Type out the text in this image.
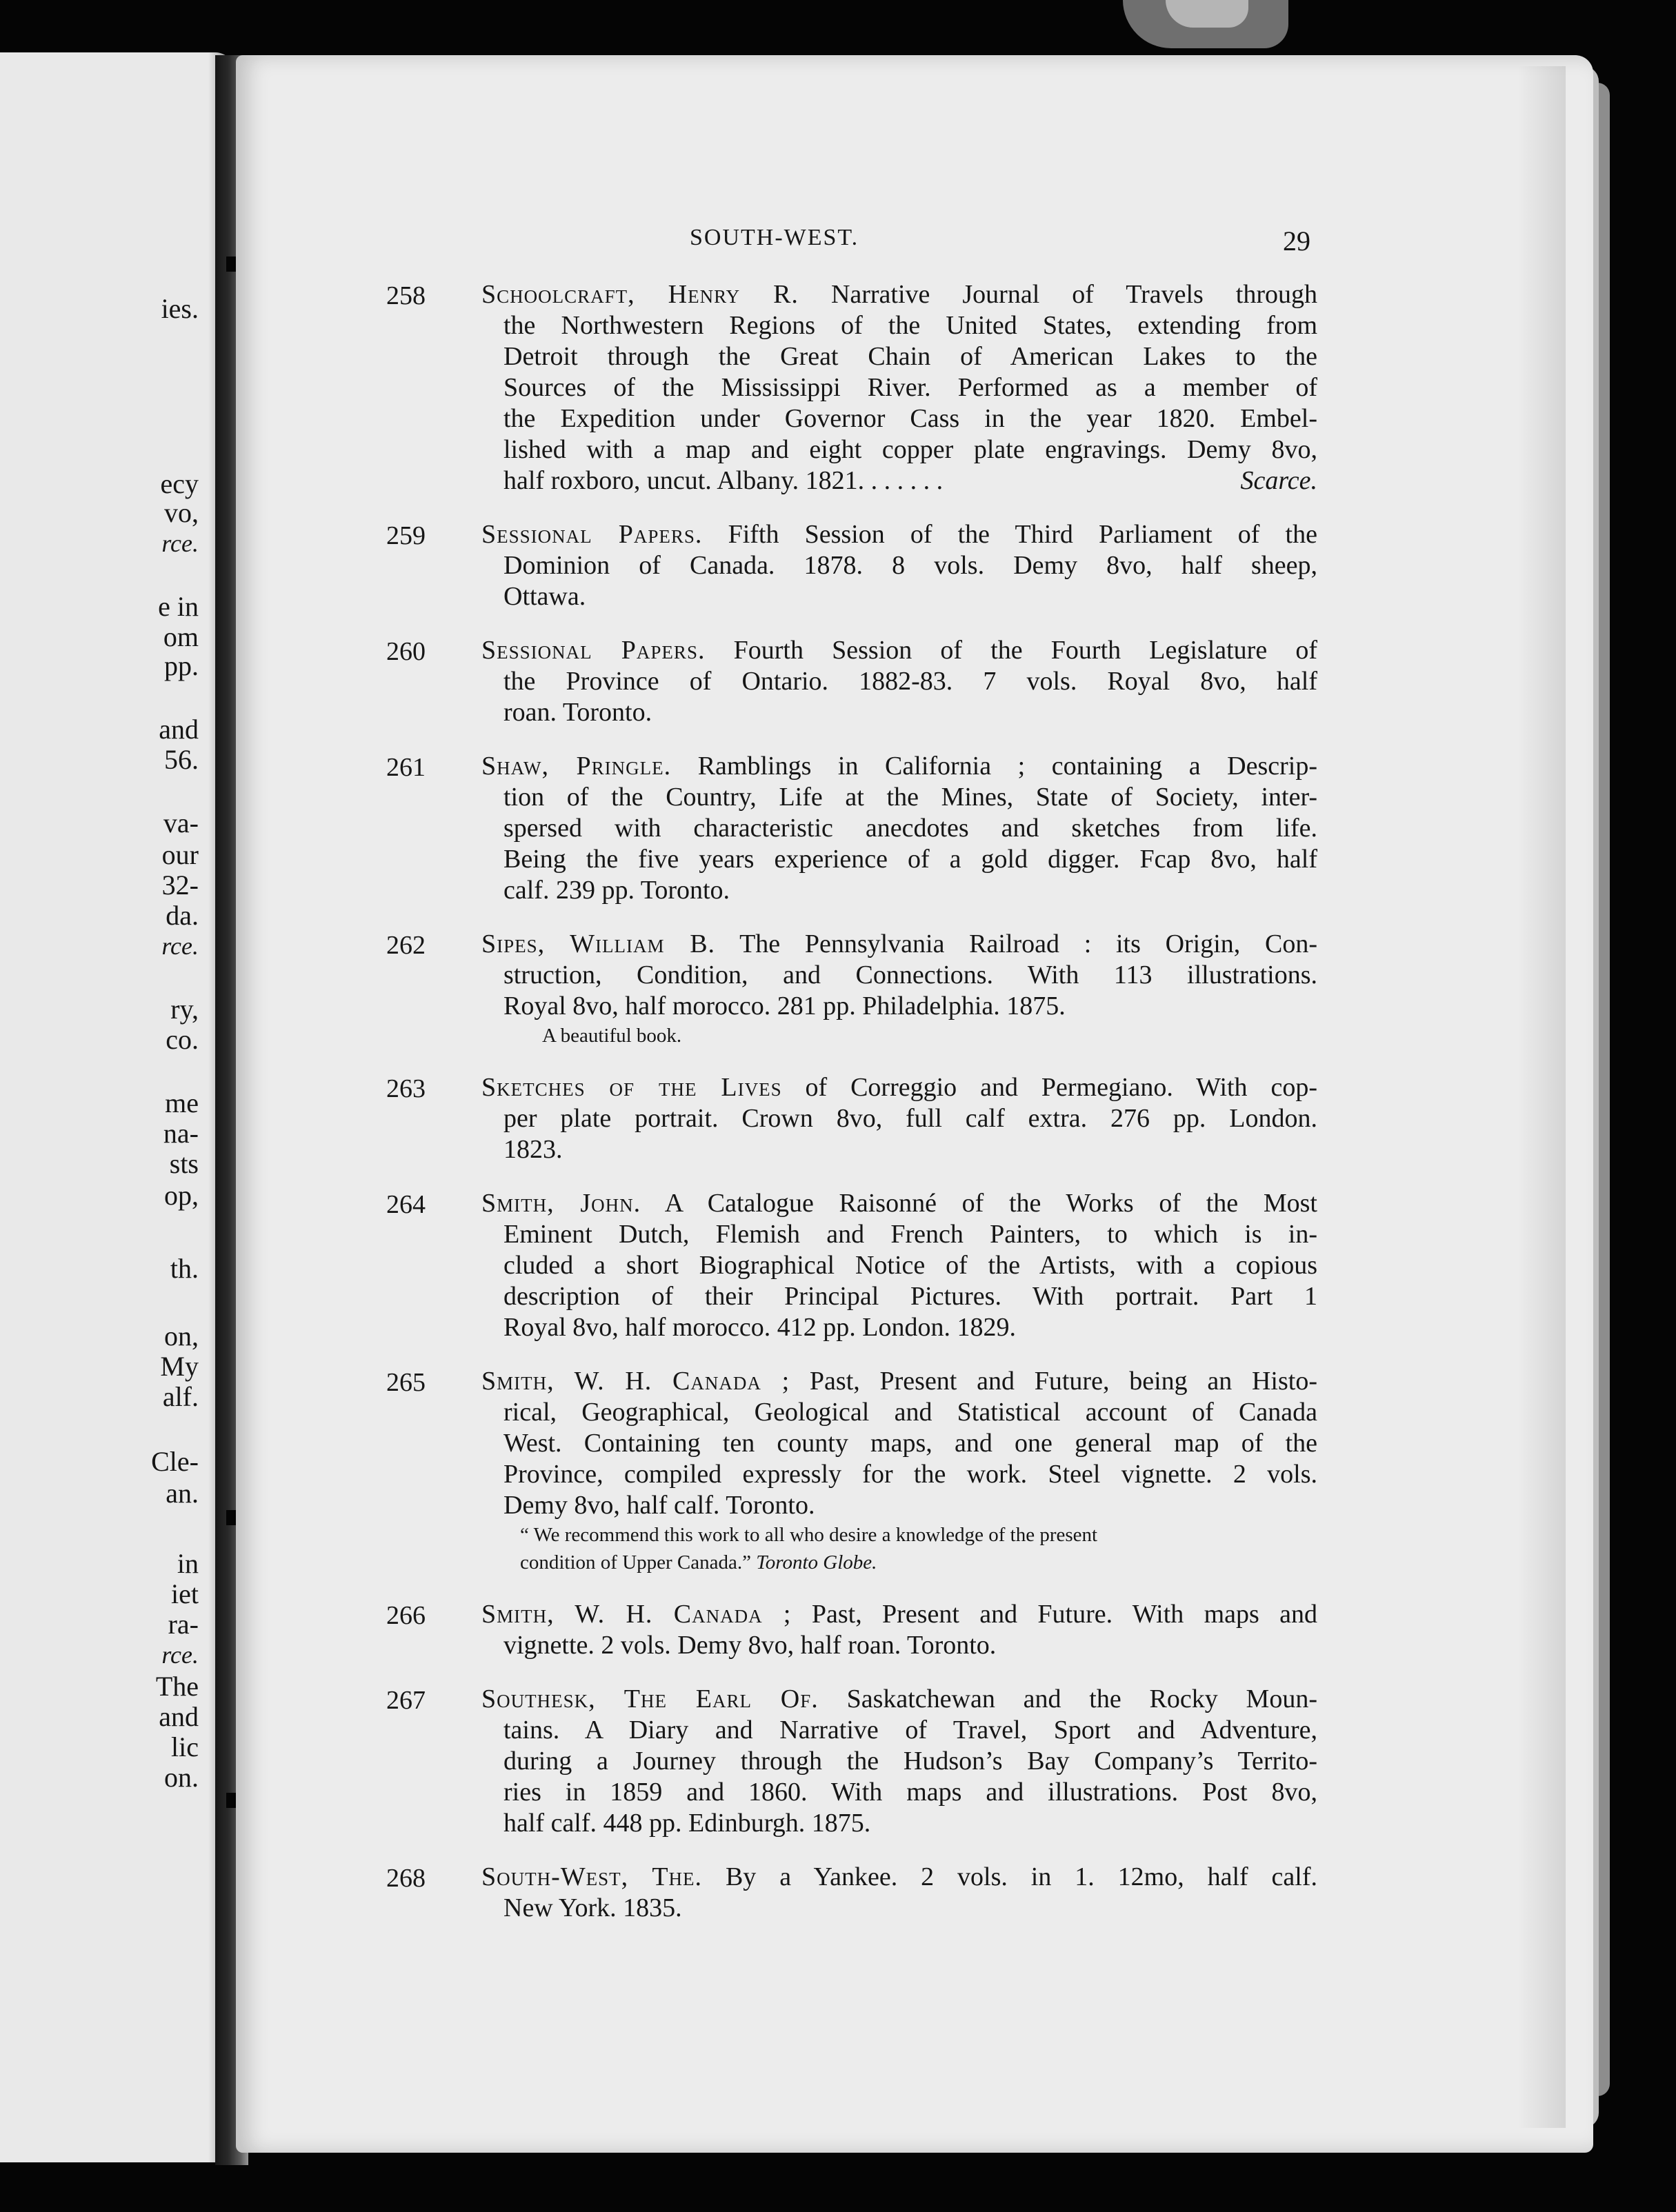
ies.
ecy
vo,
rce.
e in
om
pp.
and
56.
va-
our
32-
da.
rce.
ry,
co.
me
na-
sts
op,
th.
on,
My
alf.
Cle-
an.
in
iet
ra-
rce.
The
and
lic
on.
SOUTH-WEST.	29
258	Schoolcraft, Henry R. Narrative Journal of Travels through
the Northwestern Regions of the United States, extending from
Detroit through the Great Chain of American Lakes to the
Sources of the Mississippi River. Performed as a member of
the Expedition under Governor Cass in the year 1820. Embel-
lished with a map and eight copper plate engravings. Demy 8vo,
half roxboro, uncut. Albany. 1821. . . . . . .	Scarce.
259	Sessional Papers. Fifth Session of the Third Parliament of the
Dominion of Canada. 1878. 8 vols. Demy 8vo, half sheep,
Ottawa.
260	Sessional Papers. Fourth Session of the Fourth Legislature of
the Province of Ontario. 1882-83. 7 vols. Royal 8vo, half
roan. Toronto.
261	Shaw, Pringle. Ramblings in California ; containing a Descrip-
tion of the Country, Life at the Mines, State of Society, inter-
spersed with characteristic anecdotes and sketches from life.
Being the five years experience of a gold digger. Fcap 8vo, half
calf. 239 pp. Toronto.
262	Sipes, William B. The Pennsylvania Railroad : its Origin, Con-
struction, Condition, and Connections. With 113 illustrations.
Royal 8vo, half morocco. 281 pp. Philadelphia. 1875.
A beautiful book.
263	Sketches of the Lives of Correggio and Permegiano. With cop-
per plate portrait. Crown 8vo, full calf extra. 276 pp. London.
1823.
264	Smith, John. A Catalogue Raisonné of the Works of the Most
Eminent Dutch, Flemish and French Painters, to which is in-
cluded a short Biographical Notice of the Artists, with a copious
description of their Principal Pictures. With portrait. Part 1
Royal 8vo, half morocco. 412 pp. London. 1829.
265	Smith, W. H. Canada ; Past, Present and Future, being an Histo-
rical, Geographical, Geological and Statistical account of Canada
West. Containing ten county maps, and one general map of the
Province, compiled expressly for the work. Steel vignette. 2 vols.
Demy 8vo, half calf. Toronto.
“ We recommend this work to all who desire a knowledge of the present
condition of Upper Canada.” Toronto Globe.
266	Smith, W. H. Canada ; Past, Present and Future. With maps and
vignette. 2 vols. Demy 8vo, half roan. Toronto.
267	Southesk, The Earl Of. Saskatchewan and the Rocky Moun-
tains. A Diary and Narrative of Travel, Sport and Adventure,
during a Journey through the Hudson’s Bay Company’s Territo-
ries in 1859 and 1860. With maps and illustrations. Post 8vo,
half calf. 448 pp. Edinburgh. 1875.
268	South-West, The. By a Yankee. 2 vols. in 1. 12mo, half calf.
New York. 1835.
